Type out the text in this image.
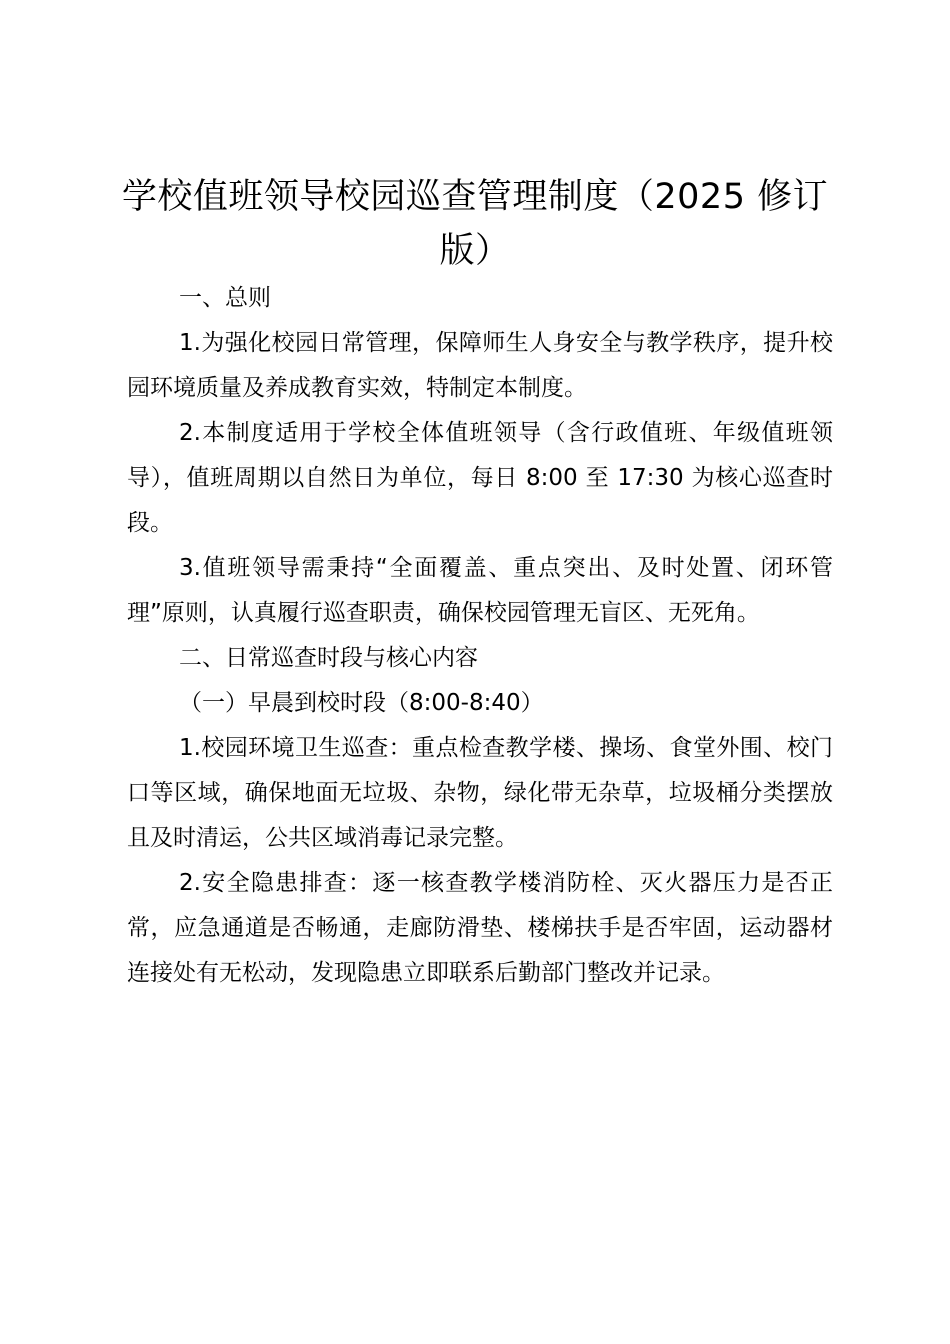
学校值班领导校园巡查管理制度（2025 修订版）

一、总则

1.为强化校园日常管理，保障师生人身安全与教学秩序，提升校园环境质量及养成教育实效，特制定本制度。

2.本制度适用于学校全体值班领导（含行政值班、年级值班领导），值班周期以自然日为单位，每日 8:00 至 17:30 为核心巡查时段。

3.值班领导需秉持“全面覆盖、重点突出、及时处置、闭环管理”原则，认真履行巡查职责，确保校园管理无盲区、无死角。

二、日常巡查时段与核心内容

（一）早晨到校时段（8:00-8:40）

1.校园环境卫生巡查：重点检查教学楼、操场、食堂外围、校门口等区域，确保地面无垃圾、杂物，绿化带无杂草，垃圾桶分类摆放且及时清运，公共区域消毒记录完整。

2.安全隐患排查：逐一核查教学楼消防栓、灭火器压力是否正常，应急通道是否畅通，走廊防滑垫、楼梯扶手是否牢固，运动器材连接处有无松动，发现隐患立即联系后勤部门整改并记录。
